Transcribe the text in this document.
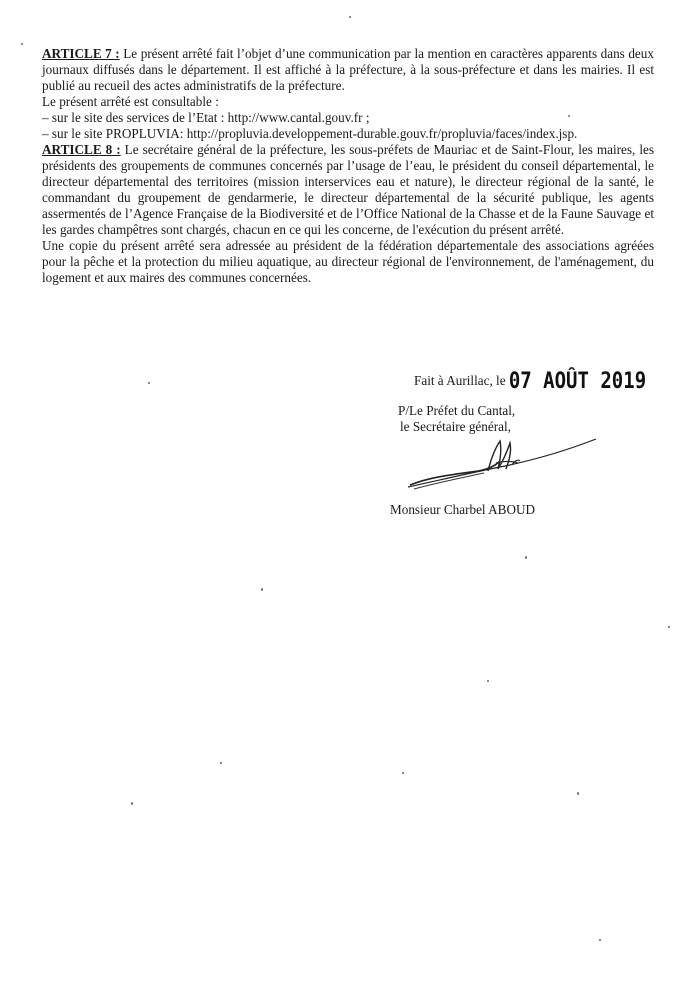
ARTICLE 7 : Le présent arrêté fait l’objet d’une communication par la mention en caractères apparents dans deux journaux diffusés dans le département. Il est affiché à la préfecture, à la sous-préfecture et dans les mairies. Il est publié au recueil des actes administratifs de la préfecture.

Le présent arrêté est consultable :

– sur le site des services de l’Etat : http://www.cantal.gouv.fr ;

– sur le site PROPLUVIA: http://propluvia.developpement-durable.gouv.fr/propluvia/faces/index.jsp.

ARTICLE 8 : Le secrétaire général de la préfecture, les sous-préfets de Mauriac et de Saint-Flour, les maires, les présidents des groupements de communes concernés par l’usage de l’eau, le président du conseil départemental, le directeur départemental des territoires (mission interservices eau et nature), le directeur régional de la santé, le commandant du groupement de gendarmerie, le directeur départemental de la sécurité publique, les agents assermentés de l’Agence Française de la Biodiversité et de l’Office National de la Chasse et de la Faune Sauvage et les gardes champêtres sont chargés, chacun en ce qui les concerne, de l'exécution du présent arrêté.

Une copie du présent arrêté sera adressée au président de la fédération départementale des associations agréées pour la pêche et la protection du milieu aquatique, au directeur régional de l'environnement, de l'aménagement, du logement et aux maires des communes concernées.

Fait à Aurillac, le 07 AOÛT 2019
P/Le Préfet du Cantal,
le Secrétaire général,
Monsieur Charbel ABOUD
